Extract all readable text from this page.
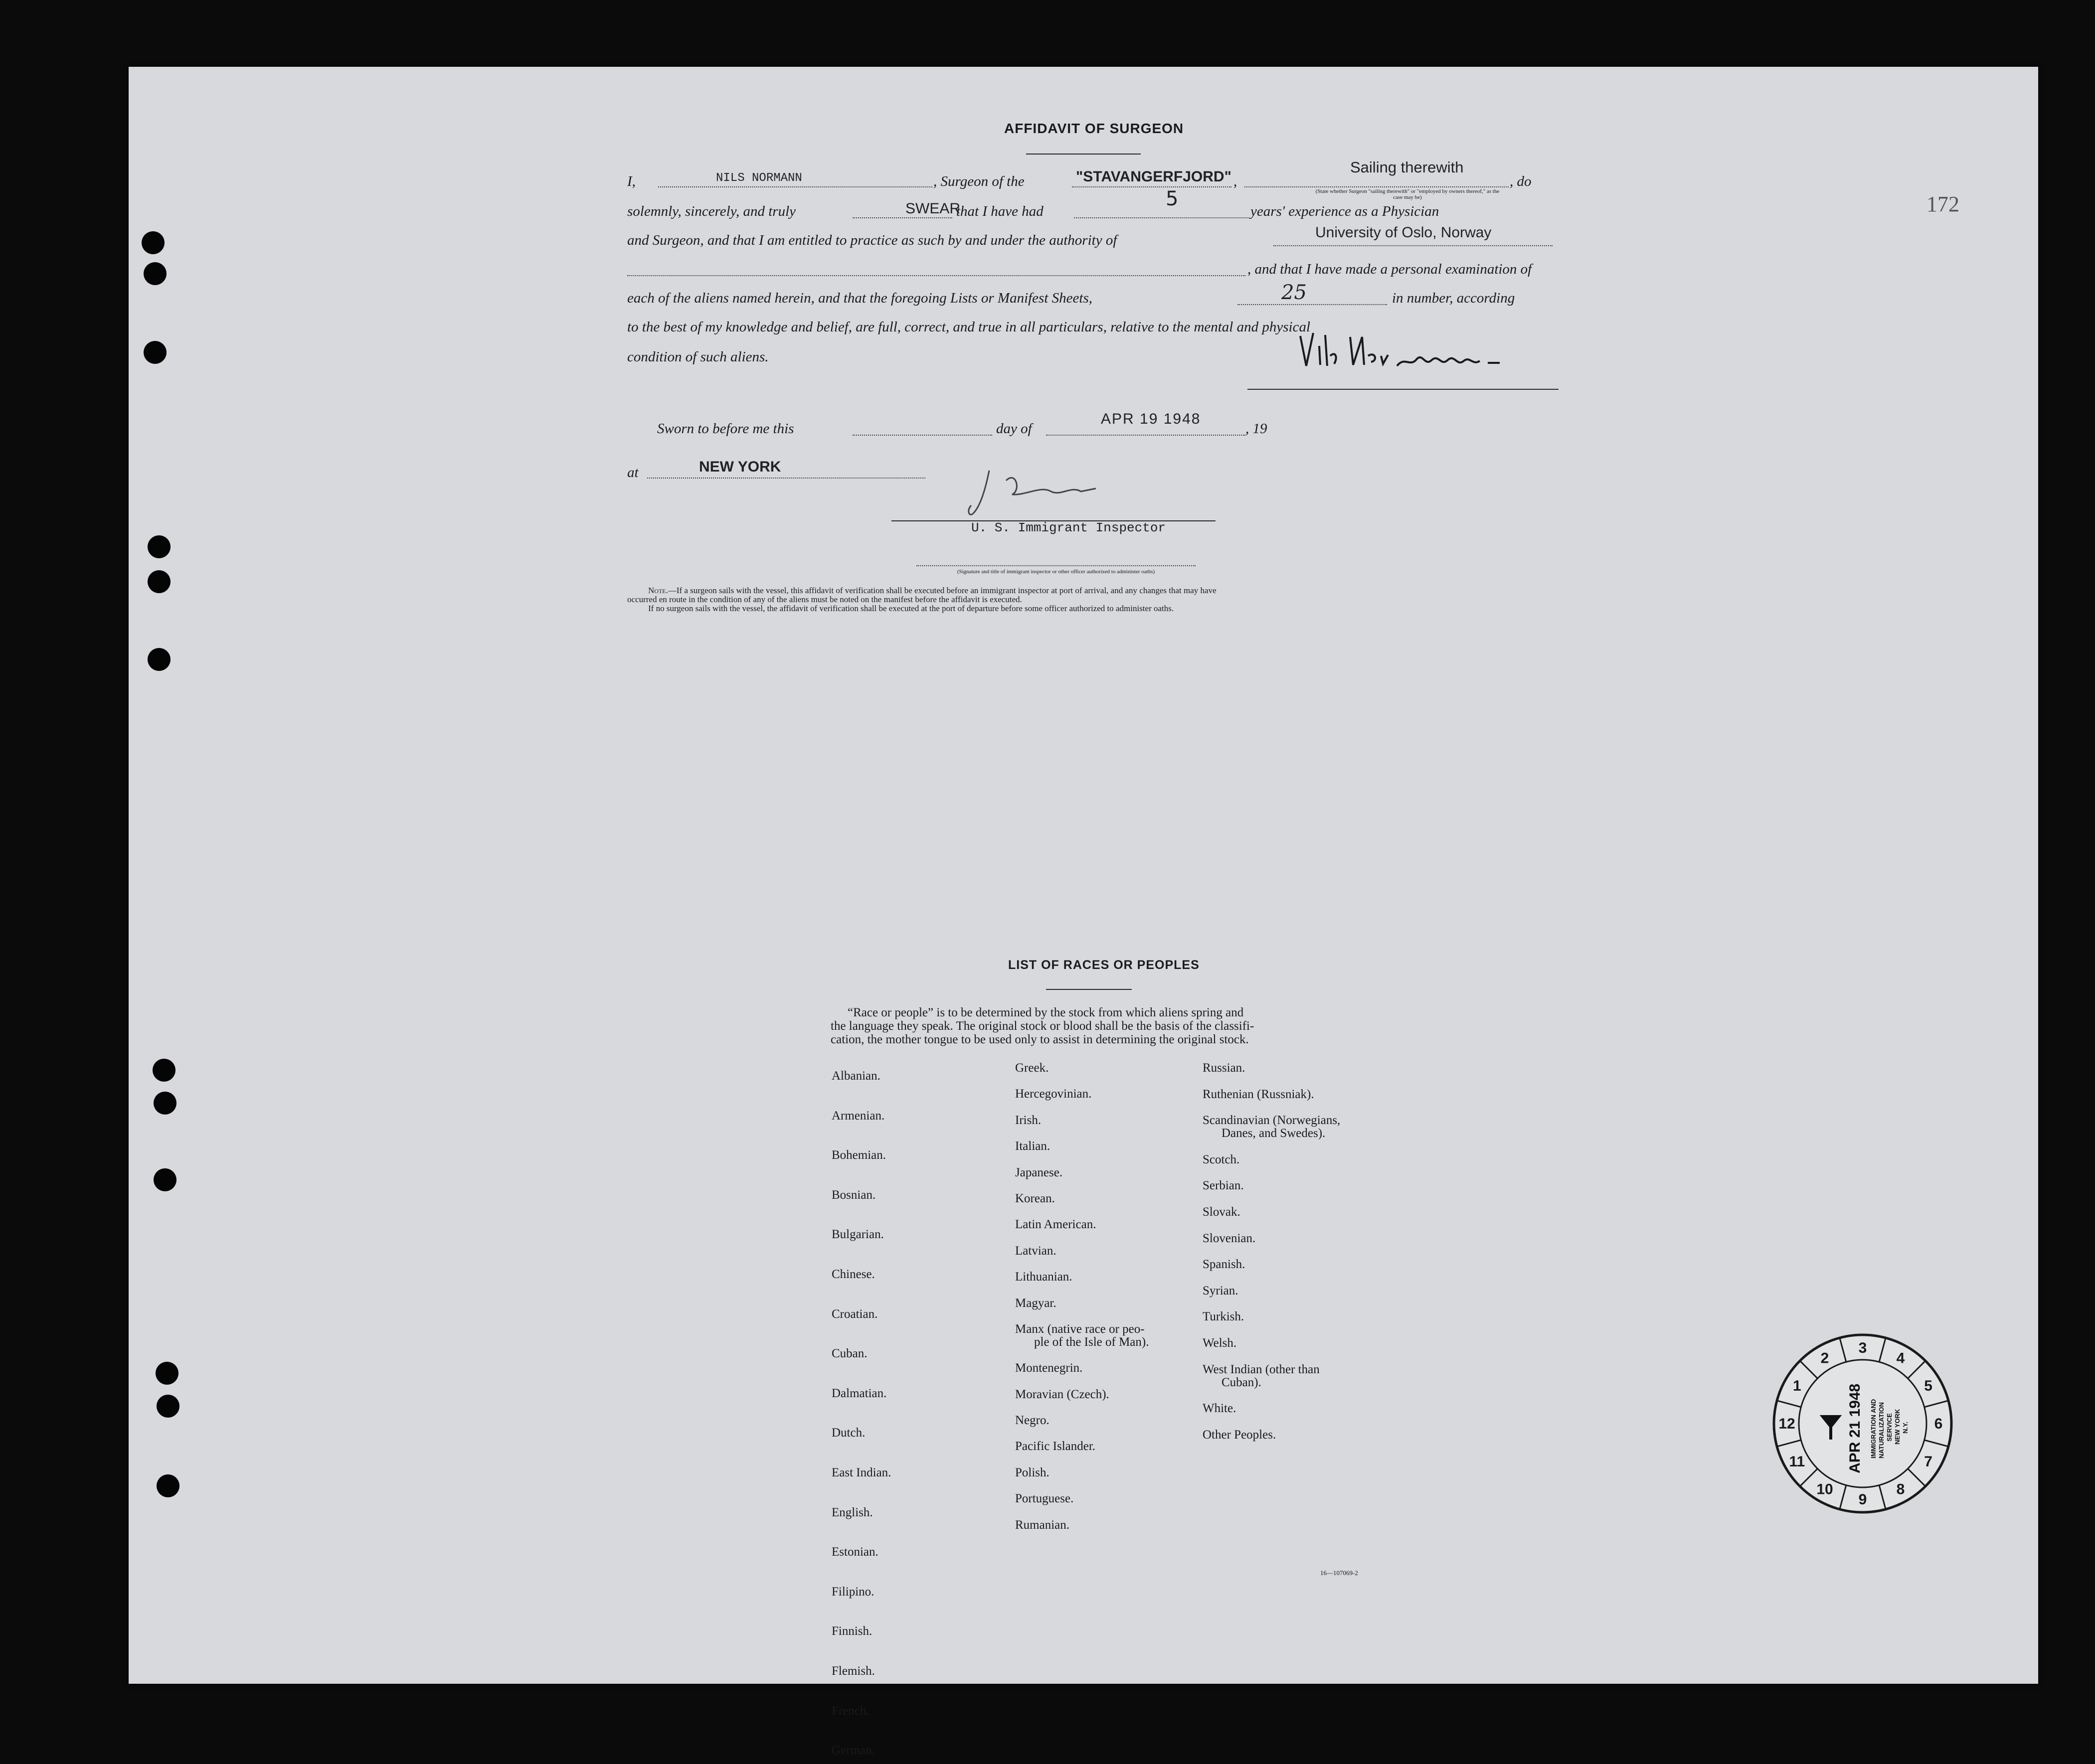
172
AFFIDAVIT OF SURGEON
I,	NILS NORMANN	, Surgeon of the	"STAVANGERFJORD" ,
Sailing therewith
(State whether Surgeon "sailing therewith" or "employed by owners thereof," as the case may be)
, do
solemnly, sincerely, and truly	SWEAR
that I have had
5
years' experience as a Physician
and Surgeon, and that I am entitled to practice as such by and under the authority of	University of Oslo, Norway
, and that I have made a personal examination of
each of the aliens named herein, and that the foregoing Lists or Manifest Sheets,	25	in number, according
to the best of my knowledge and belief, are full, correct, and true in all particulars, relative to the mental and physical
condition of such aliens.
Sworn to before me this	day of
APR 19 1948
, 19
at	NEW YORK
U. S. Immigrant Inspector
(Signature and title of immigrant inspector or other officer authorized to administer oaths)
Note.—If a surgeon sails with the vessel, this affidavit of verification shall be executed before an immigrant inspector at port of arrival, and any changes that may have
occurred en route in the condition of any of the aliens must be noted on the manifest before the affidavit is executed.
If no surgeon sails with the vessel, the affidavit of verification shall be executed at the port of departure before some officer authorized to administer oaths.
LIST OF RACES OR PEOPLES
“Race or people” is to be determined by the stock from which aliens spring and
the language they speak. The original stock or blood shall be the basis of the classifi-
cation, the mother tongue to be used only to assist in determining the original stock.
Albanian.
Armenian.
Bohemian.
Bosnian.
Bulgarian.
Chinese.
Croatian.
Cuban.
Dalmatian.
Dutch.
East Indian.
English.
Estonian.
Filipino.
Finnish.
Flemish.
French.
German.
Greek.
Hercegovinian.
Irish.
Italian.
Japanese.
Korean.
Latin American.
Latvian.
Lithuanian.
Magyar.
Manx (native race or peo-
ple of the Isle of Man).
Montenegrin.
Moravian (Czech).
Negro.
Pacific Islander.
Polish.
Portuguese.
Rumanian.
Russian.
Ruthenian (Russniak).
Scandinavian (Norwegians,
Danes, and Swedes).
Scotch.
Serbian.
Slovak.
Slovenian.
Spanish.
Syrian.
Turkish.
Welsh.
West Indian (other than
Cuban).
White.
Other Peoples.
16—107069-2
1
2
3
4
5
6
7
8
9
10
11
12	APR 21 1948 IMMIGRATION AND NATURALIZATION SERVICE NEW YORK N.Y.
